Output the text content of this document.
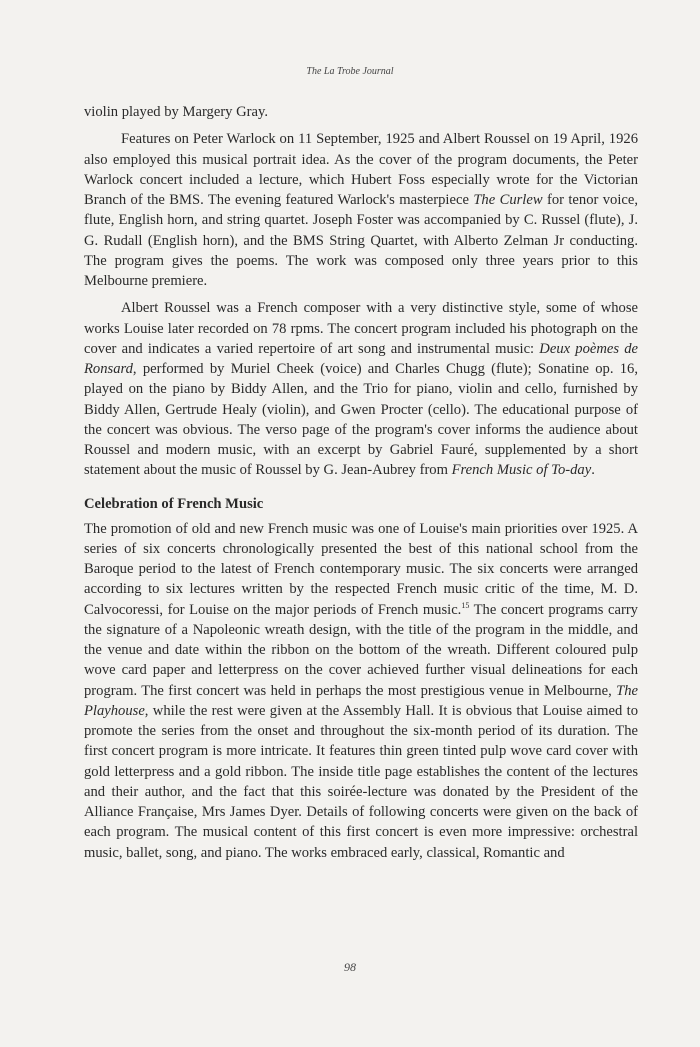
The La Trobe Journal

violin played by Margery Gray.

Features on Peter Warlock on 11 September, 1925 and Albert Roussel on 19 April, 1926 also employed this musical portrait idea. As the cover of the program documents, the Peter Warlock concert included a lecture, which Hubert Foss especially wrote for the Victorian Branch of the BMS. The evening featured Warlock's masterpiece The Curlew for tenor voice, flute, English horn, and string quartet. Joseph Foster was accompanied by C. Russel (flute), J. G. Rudall (English horn), and the BMS String Quartet, with Alberto Zelman Jr conducting. The program gives the poems. The work was composed only three years prior to this Melbourne premiere.

Albert Roussel was a French composer with a very distinctive style, some of whose works Louise later recorded on 78 rpms. The concert program included his photograph on the cover and indicates a varied repertoire of art song and instrumental music: Deux poèmes de Ronsard, performed by Muriel Cheek (voice) and Charles Chugg (flute); Sonatine op. 16, played on the piano by Biddy Allen, and the Trio for piano, violin and cello, furnished by Biddy Allen, Gertrude Healy (violin), and Gwen Procter (cello). The educational purpose of the concert was obvious. The verso page of the program's cover informs the audience about Roussel and modern music, with an excerpt by Gabriel Fauré, supplemented by a short statement about the music of Roussel by G. Jean-Aubrey from French Music of To-day.

Celebration of French Music

The promotion of old and new French music was one of Louise's main priorities over 1925. A series of six concerts chronologically presented the best of this national school from the Baroque period to the latest of French contemporary music. The six concerts were arranged according to six lectures written by the respected French music critic of the time, M. D. Calvocoressi, for Louise on the major periods of French music.$^{15}$ The concert programs carry the signature of a Napoleonic wreath design, with the title of the program in the middle, and the venue and date within the ribbon on the bottom of the wreath. Different coloured pulp wove card paper and letterpress on the cover achieved further visual delineations for each program. The first concert was held in perhaps the most prestigious venue in Melbourne, The Playhouse, while the rest were given at the Assembly Hall. It is obvious that Louise aimed to promote the series from the onset and throughout the six-month period of its duration. The first concert program is more intricate. It features thin green tinted pulp wove card cover with gold letterpress and a gold ribbon. The inside title page establishes the content of the lectures and their author, and the fact that this soirée-lecture was donated by the President of the Alliance Française, Mrs James Dyer. Details of following concerts were given on the back of each program. The musical content of this first concert is even more impressive: orchestral music, ballet, song, and piano. The works embraced early, classical, Romantic and

98
